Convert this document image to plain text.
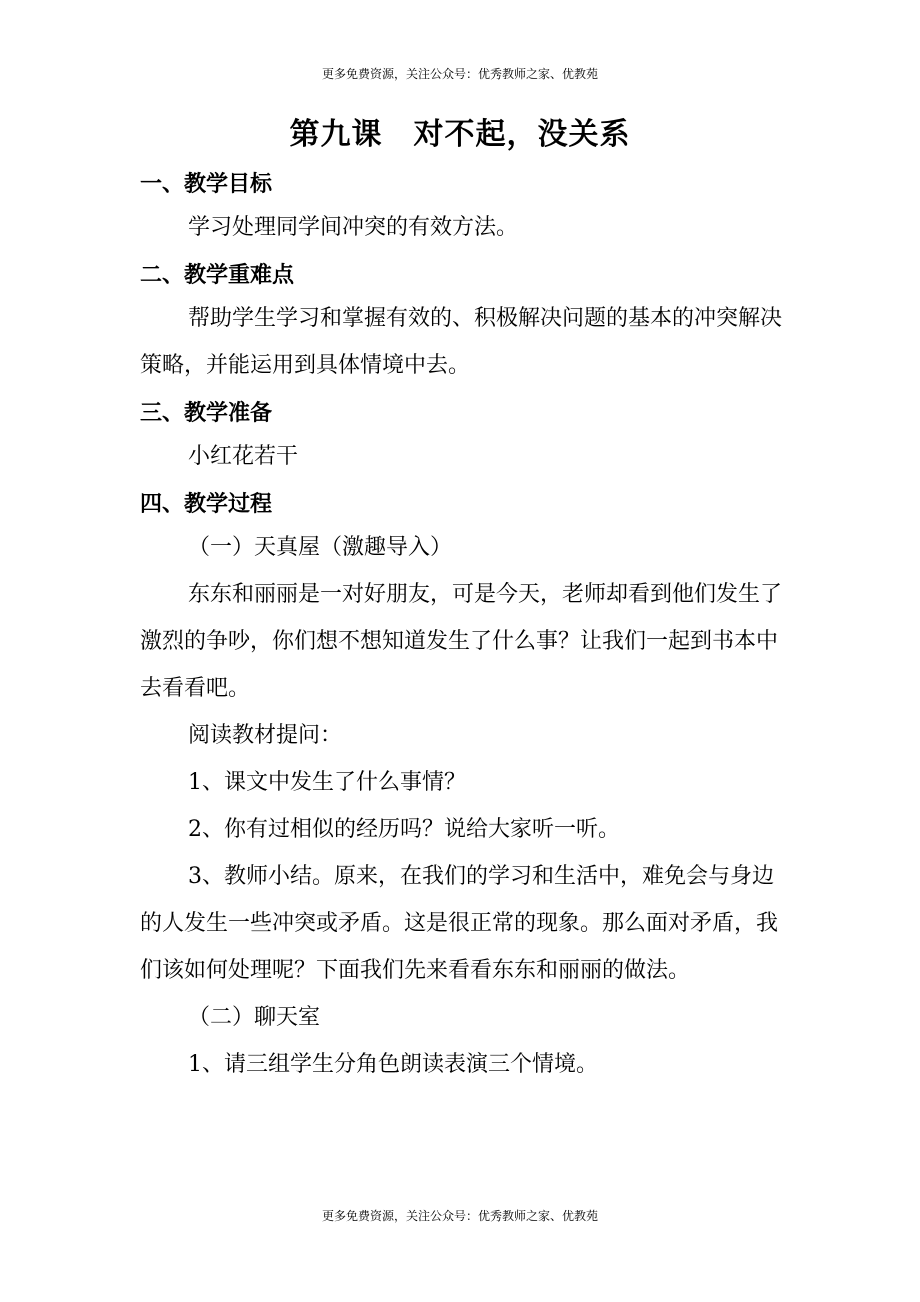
更多免费资源，关注公众号：优秀教师之家、优教苑
第九课　对不起，没关系
一、教学目标

学习处理同学间冲突的有效方法。

二、教学重难点

帮助学生学习和掌握有效的、积极解决问题的基本的冲突解决策略，并能运用到具体情境中去。

三、教学准备

小红花若干

四、教学过程

（一）天真屋（激趣导入）

东东和丽丽是一对好朋友，可是今天，老师却看到他们发生了激烈的争吵，你们想不想知道发生了什么事？让我们一起到书本中去看看吧。

阅读教材提问：

1、课文中发生了什么事情？

2、你有过相似的经历吗？说给大家听一听。

3、教师小结。原来，在我们的学习和生活中，难免会与身边的人发生一些冲突或矛盾。这是很正常的现象。那么面对矛盾，我们该如何处理呢？下面我们先来看看东东和丽丽的做法。

（二）聊天室

1、请三组学生分角色朗读表演三个情境。

更多免费资源，关注公众号：优秀教师之家、优教苑
